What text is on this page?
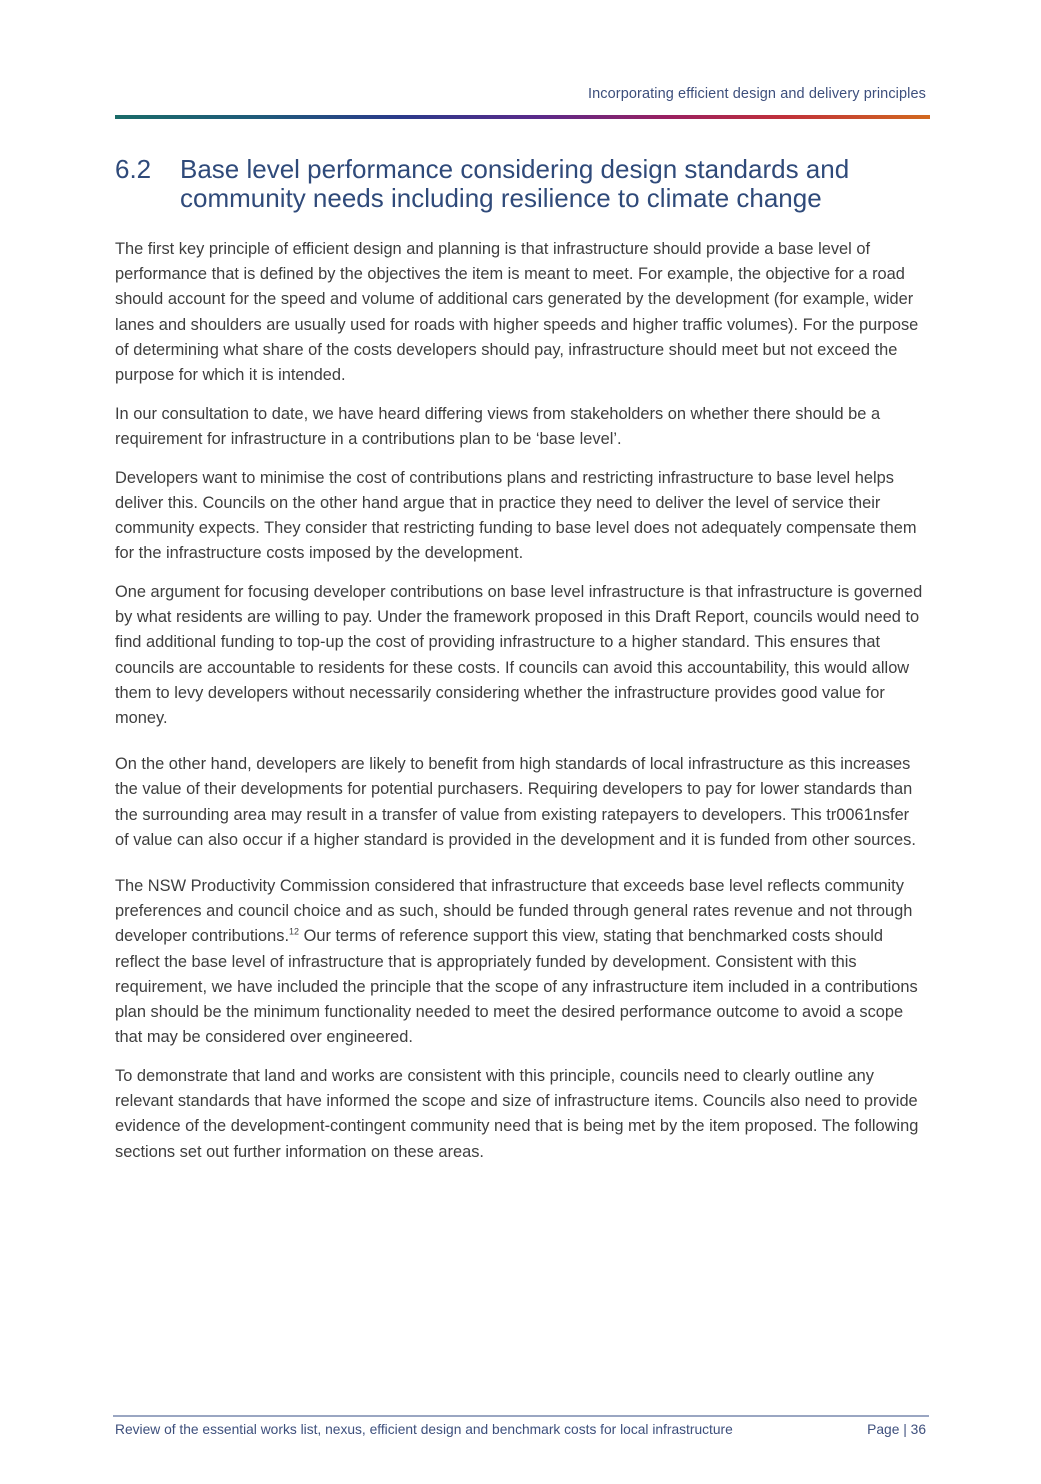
Incorporating efficient design and delivery principles
6.2	Base level performance considering design standards and community needs including resilience to climate change

The first key principle of efficient design and planning is that infrastructure should provide a base level of performance that is defined by the objectives the item is meant to meet. For example, the objective for a road should account for the speed and volume of additional cars generated by the development (for example, wider lanes and shoulders are usually used for roads with higher speeds and higher traffic volumes). For the purpose of determining what share of the costs developers should pay, infrastructure should meet but not exceed the purpose for which it is intended.

In our consultation to date, we have heard differing views from stakeholders on whether there should be a requirement for infrastructure in a contributions plan to be ‘base level’.

Developers want to minimise the cost of contributions plans and restricting infrastructure to base level helps deliver this. Councils on the other hand argue that in practice they need to deliver the level of service their community expects. They consider that restricting funding to base level does not adequately compensate them for the infrastructure costs imposed by the development.

One argument for focusing developer contributions on base level infrastructure is that infrastructure is governed by what residents are willing to pay. Under the framework proposed in this Draft Report, councils would need to find additional funding to top-up the cost of providing infrastructure to a higher standard. This ensures that councils are accountable to residents for these costs. If councils can avoid this accountability, this would allow them to levy developers without necessarily considering whether the infrastructure provides good value for money.

On the other hand, developers are likely to benefit from high standards of local infrastructure as this increases the value of their developments for potential purchasers. Requiring developers to pay for lower standards than the surrounding area may result in a transfer of value from existing ratepayers to developers. This tr0061nsfer of value can also occur if a higher standard is provided in the development and it is funded from other sources.

The NSW Productivity Commission considered that infrastructure that exceeds base level reflects community preferences and council choice and as such, should be funded through general rates revenue and not through developer contributions.$^{12}$ Our terms of reference support this view, stating that benchmarked costs should reflect the base level of infrastructure that is appropriately funded by development. Consistent with this requirement, we have included the principle that the scope of any infrastructure item included in a contributions plan should be the minimum functionality needed to meet the desired performance outcome to avoid a scope that may be considered over engineered.

To demonstrate that land and works are consistent with this principle, councils need to clearly outline any relevant standards that have informed the scope and size of infrastructure items. Councils also need to provide evidence of the development-contingent community need that is being met by the item proposed. The following sections set out further information on these areas.

Review of the essential works list, nexus, efficient design and benchmark costs for local infrastructure	Page | 36
